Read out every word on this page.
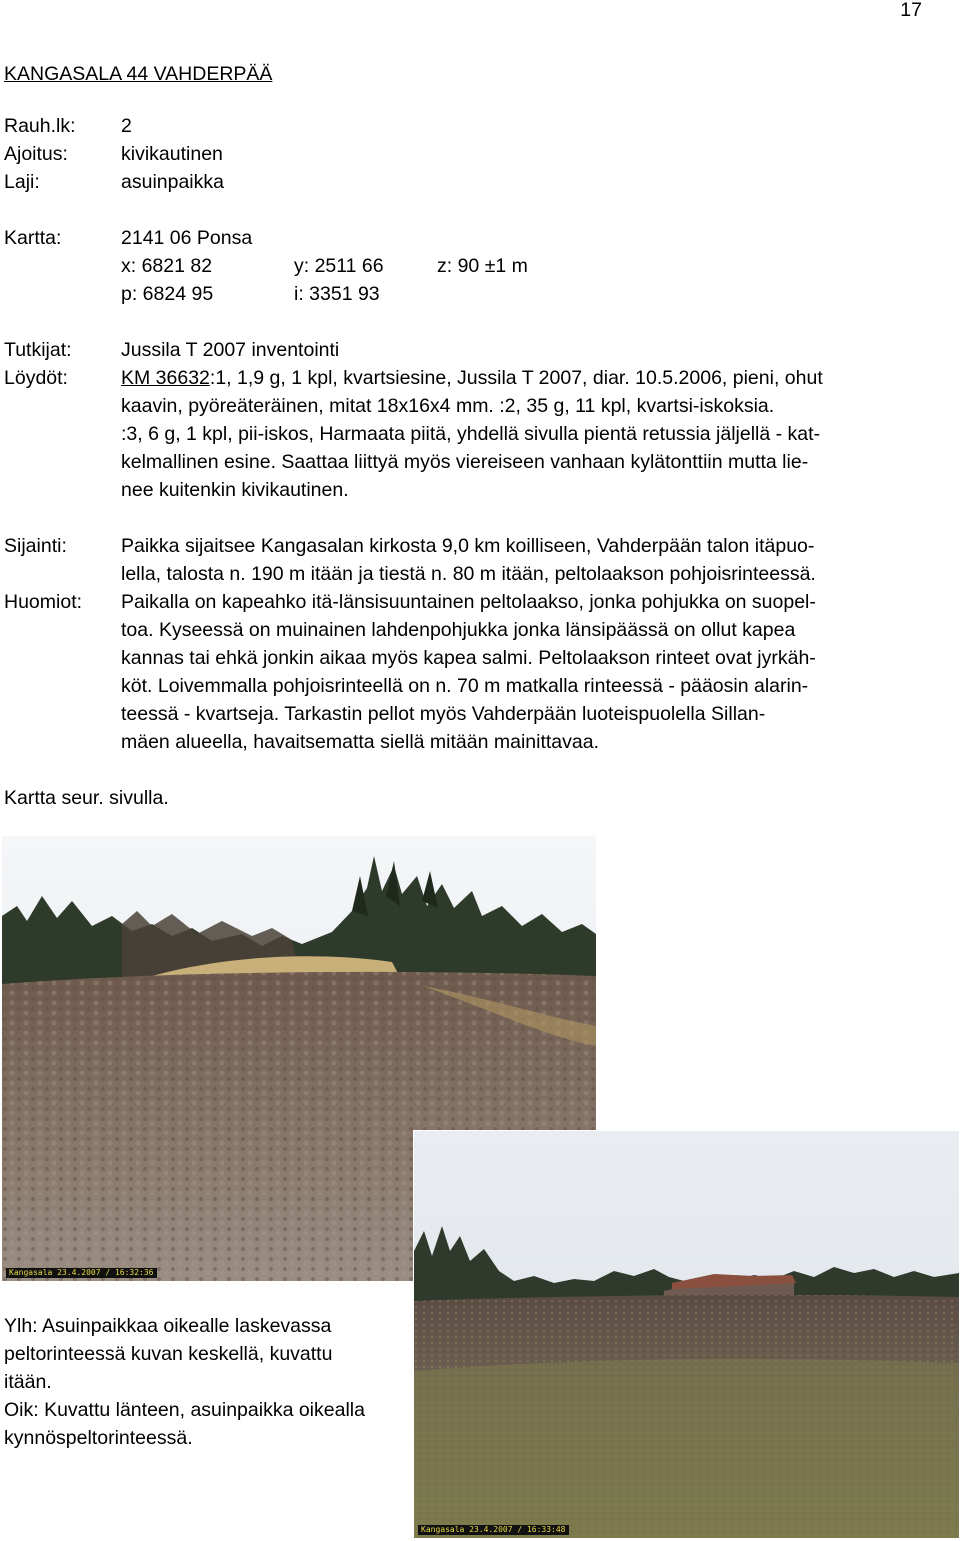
17
KANGASALA 44 VAHDERPÄÄ
Rauh.lk: 2
Ajoitus:	kivikautinen
Laji:	asuinpaikka
Kartta:	2141 06 Ponsa
x: 6821 82	y: 2511 66	z: 90 ±1 m
p: 6824 95	i: 3351 93
Tutkijat:	Jussila T 2007 inventointi
Löydöt:	KM 36632:1, 1,9 g, 1 kpl, kvartsiesine, Jussila T 2007, diar. 10.5.2006, pieni, ohut
kaavin, pyöreäteräinen, mitat 18x16x4 mm. :2, 35 g, 11 kpl, kvartsi-iskoksia.
:3, 6 g, 1 kpl, pii-iskos, Harmaata piitä, yhdellä sivulla pientä retussia jäljellä - kat-
kelmallinen esine. Saattaa liittyä myös viereiseen vanhaan kylätonttiin mutta lie-
nee kuitenkin kivikautinen.
Sijainti:	Paikka sijaitsee Kangasalan kirkosta 9,0 km koilliseen, Vahderpään talon itäpuo-
lella, talosta n. 190 m itään ja tiestä n. 80 m itään, peltolaakson pohjoisrinteessä.
Huomiot: Paikalla on kapeahko itä-länsisuuntainen peltolaakso, jonka pohjukka on suopel-
toa. Kyseessä on muinainen lahdenpohjukka jonka länsipäässä on ollut kapea
kannas tai ehkä jonkin aikaa myös kapea salmi. Peltolaakson rinteet ovat jyrkäh-
köt. Loivemmalla pohjoisrinteellä on n. 70 m matkalla rinteessä - pääosin alarin-
teessä - kvartseja. Tarkastin pellot myös Vahderpään luoteispuolella Sillan-
mäen alueella, havaitsematta siellä mitään mainittavaa.
Kartta seur. sivulla.
Kangasala 23.4.2007 / 16:32:36
Kangasala 23.4.2007 / 16:33:48
Ylh: Asuinpaikkaa oikealle laskevassa
peltorinteessä kuvan keskellä, kuvattu
itään.
Oik: Kuvattu länteen, asuinpaikka oikealla
kynnöspeltorinteessä.
